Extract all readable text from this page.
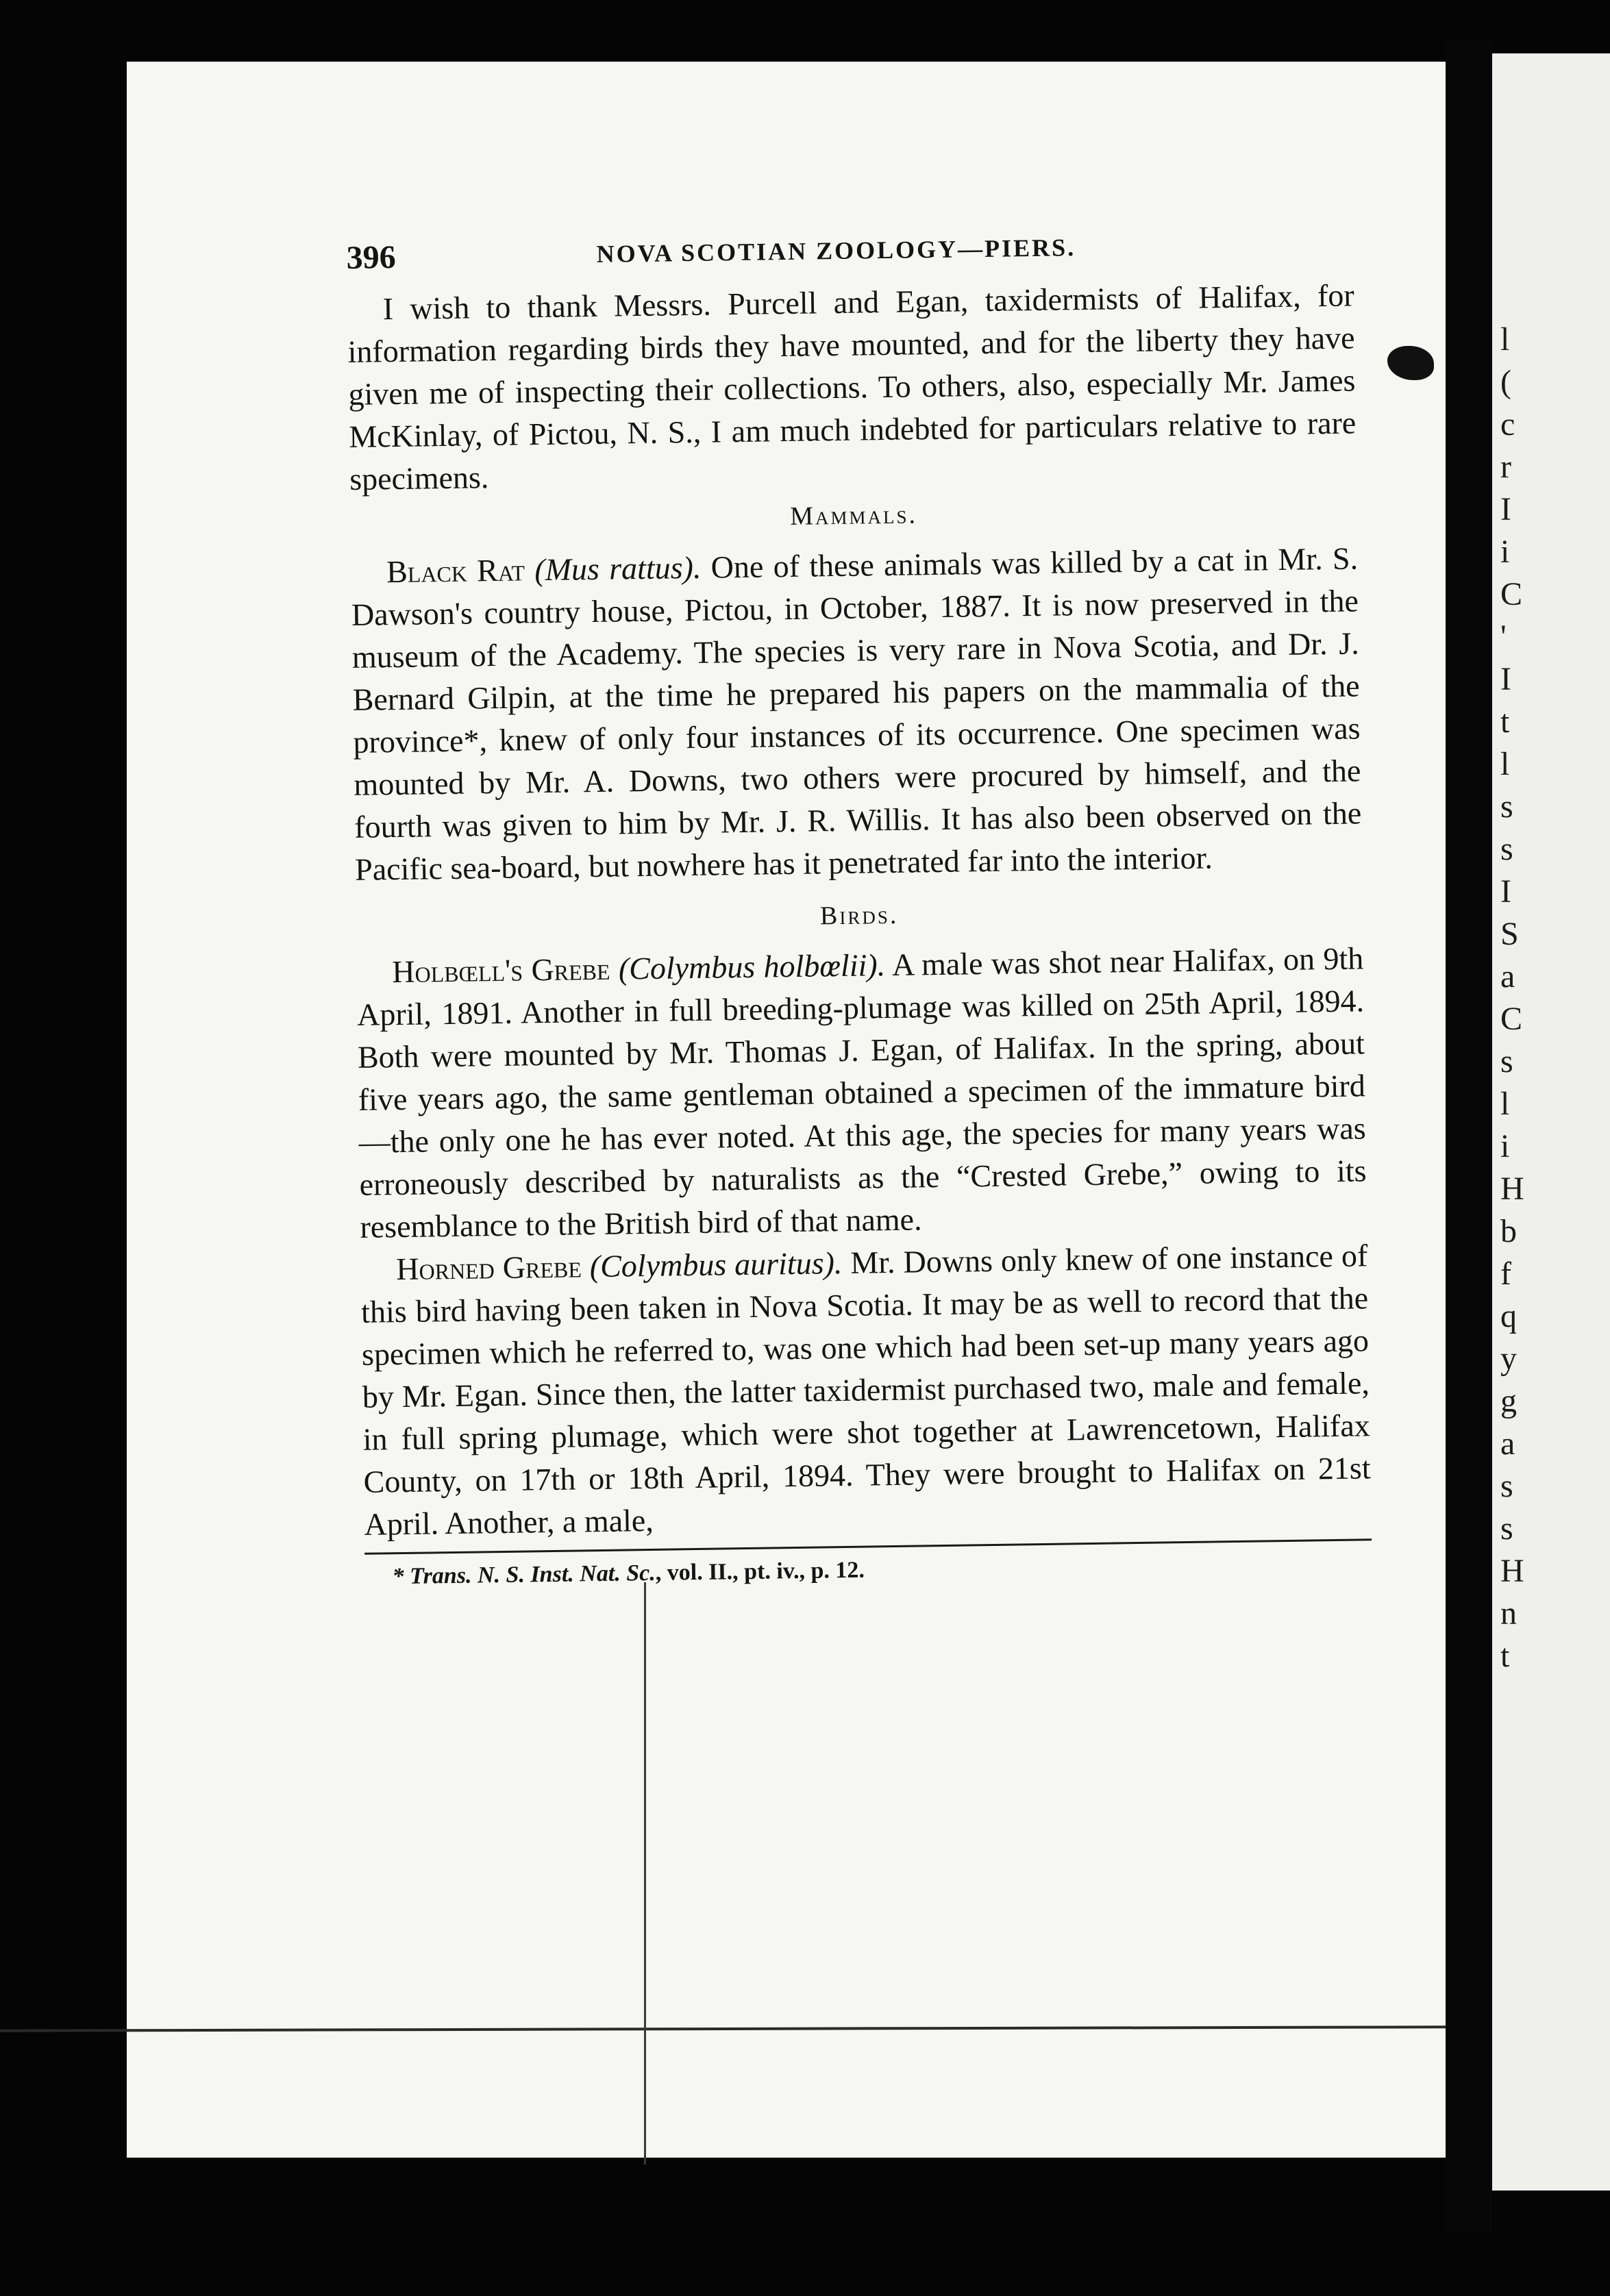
l
(
c
r
I
i
C
'
I
t
l
s
s
I
S
a
C
s
l
i
H
b
f
q
y
g
a
s
s
H
n
t
396	NOVA SCOTIAN ZOOLOGY—PIERS.

I wish to thank Messrs. Purcell and Egan, taxidermists of Halifax, for information regarding birds they have mounted, and for the liberty they have given me of inspecting their collections. To others, also, especially Mr. James McKinlay, of Pictou, N. S., I am much indebted for particulars relative to rare specimens.

Mammals.

Black Rat (Mus rattus). One of these animals was killed by a cat in Mr. S. Dawson's country house, Pictou, in October, 1887. It is now preserved in the museum of the Academy. The species is very rare in Nova Scotia, and Dr. J. Bernard Gilpin, at the time he prepared his papers on the mammalia of the province*, knew of only four instances of its occurrence. One specimen was mounted by Mr. A. Downs, two others were procured by himself, and the fourth was given to him by Mr. J. R. Willis. It has also been observed on the Pacific sea-board, but nowhere has it penetrated far into the interior.

Birds.

Holbœll's Grebe (Colymbus holbœlii). A male was shot near Halifax, on 9th April, 1891. Another in full breeding-plumage was killed on 25th April, 1894. Both were mounted by Mr. Thomas J. Egan, of Halifax. In the spring, about five years ago, the same gentleman obtained a specimen of the immature bird—the only one he has ever noted. At this age, the species for many years was erroneously described by naturalists as the “Crested Grebe,” owing to its resemblance to the British bird of that name.

Horned Grebe (Colymbus auritus). Mr. Downs only knew of one instance of this bird having been taken in Nova Scotia. It may be as well to record that the specimen which he referred to, was one which had been set-up many years ago by Mr. Egan. Since then, the latter taxidermist purchased two, male and female, in full spring plumage, which were shot together at Lawrencetown, Halifax County, on 17th or 18th April, 1894. They were brought to Halifax on 21st April. Another, a male,

* Trans. N. S. Inst. Nat. Sc., vol. II., pt. iv., p. 12.
